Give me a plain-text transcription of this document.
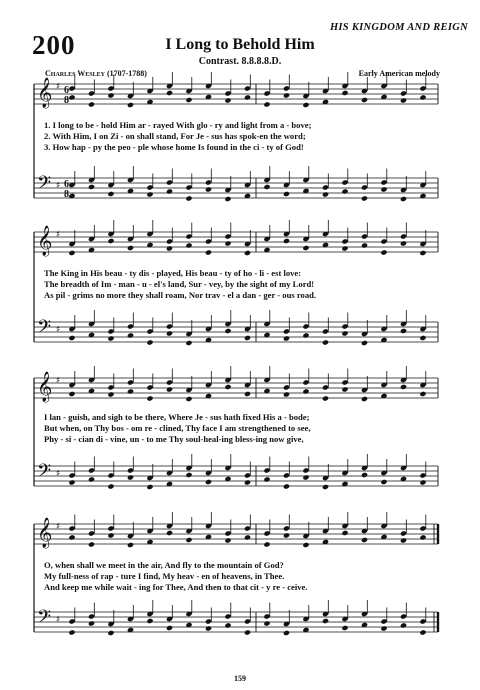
200
HIS KINGDOM AND REIGN
I Long to Behold Him
Contrast. 8.8.8.8.D.
Charles Wesley (1707-1788)	Early American melody
𝄞
𝄢
♯
♯
6
8
6
8
𝄞
𝄢
♯
♯
𝄞
𝄢
♯
♯
𝄞
𝄢
♯
♯
1. I long to be - hold Him ar - rayed With glo - ry and light from a - bove;
2. With Him, I on Zi - on shall stand, For Je - sus has spok-en the word;
3. How hap - py the peo - ple whose home Is found in the ci - ty of God!
The King in His beau - ty dis - played, His beau - ty of ho - li - est love:
The breadth of Im - man - u - el's land, Sur - vey, by the sight of my Lord!
As pil - grims no more they shall roam, Nor trav - el a dan - ger - ous road.
I lan - guish, and sigh to be there, Where Je - sus hath fixed His a - bode;
But when, on Thy bos - om re - clined, Thy face I am strengthened to see,
Phy - si - cian di - vine, un - to me Thy soul-heal-ing bless-ing now give,
O, when shall we meet in the air, And fly to the mountain of God?
My full-ness of rap - ture I find, My heav - en of heavens, in Thee.
And keep me while wait - ing for Thee, And then to that cit - y re - ceive.
159
